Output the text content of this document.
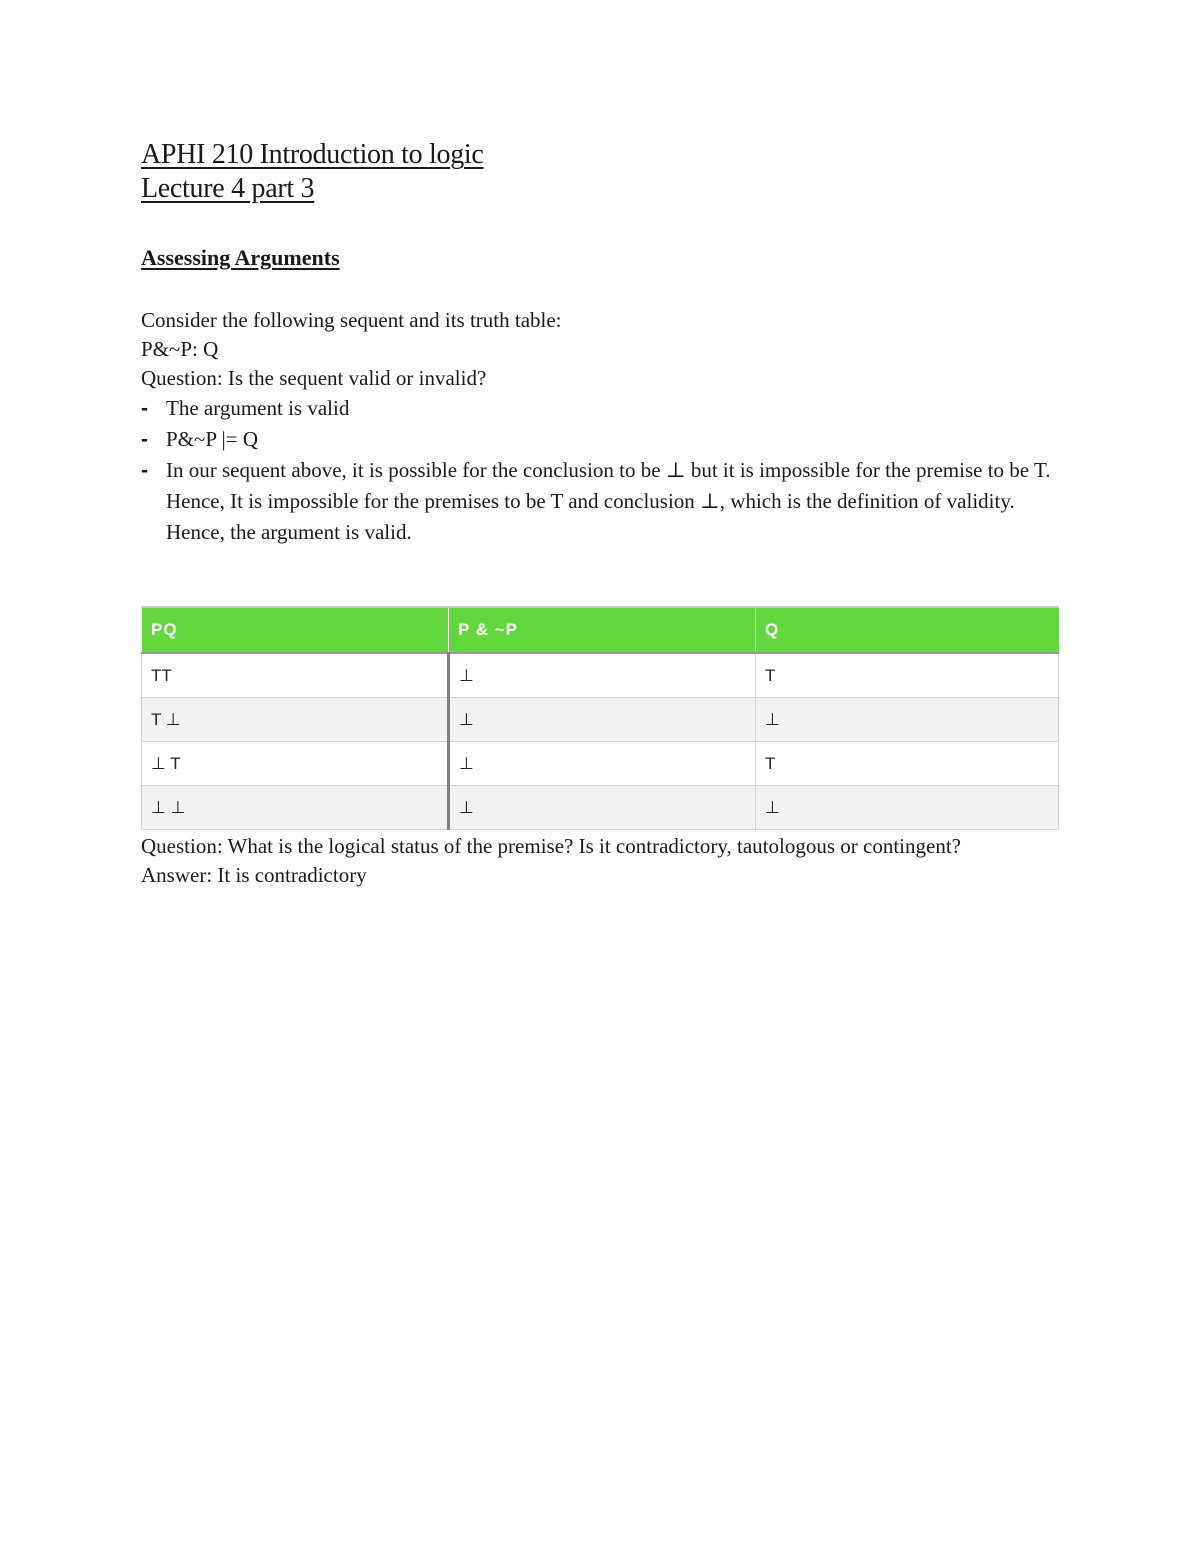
APHI 210 Introduction to logic
Lecture 4 part 3
Assessing Arguments

Consider the following sequent and its truth table:

P&~P: Q

Question: Is the sequent valid or invalid?

- The argument is valid
- P&~P |= Q
- In our sequent above, it is possible for the conclusion to be ⊥ but it is impossible for the premise to be T. Hence, It is impossible for the premises to be T and conclusion ⊥, which is the definition of validity. Hence, the argument is valid.
PQ	P & ~P	Q
TT	⊥	T
T ⊥	⊥	⊥
⊥ T	⊥	T
⊥ ⊥	⊥	⊥

Question: What is the logical status of the premise? Is it contradictory, tautologous or contingent?

Answer: It is contradictory
